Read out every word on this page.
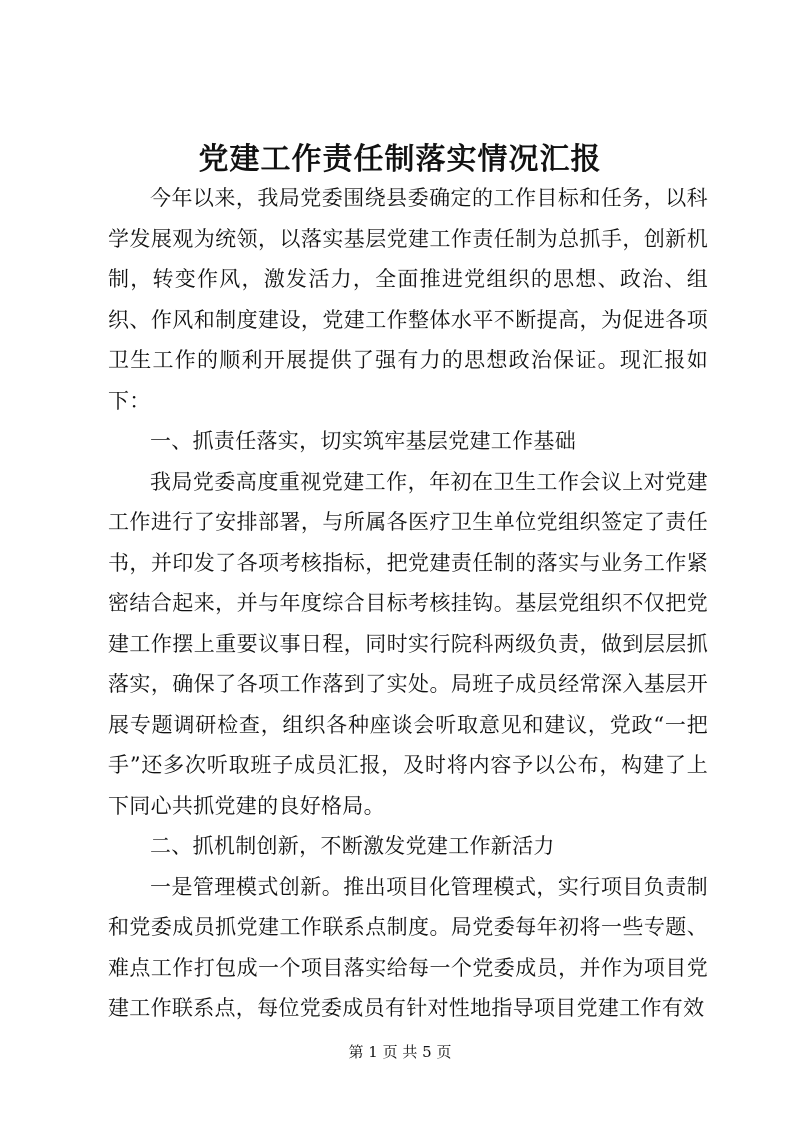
党建工作责任制落实情况汇报

今年以来，我局党委围绕县委确定的工作目标和任务，以科学发展观为统领，以落实基层党建工作责任制为总抓手，创新机制，转变作风，激发活力，全面推进党组织的思想、政治、组织、作风和制度建设，党建工作整体水平不断提高，为促进各项卫生工作的顺利开展提供了强有力的思想政治保证。现汇报如下：

一、抓责任落实，切实筑牢基层党建工作基础

我局党委高度重视党建工作，年初在卫生工作会议上对党建工作进行了安排部署，与所属各医疗卫生单位党组织签定了责任书，并印发了各项考核指标，把党建责任制的落实与业务工作紧密结合起来，并与年度综合目标考核挂钩。基层党组织不仅把党建工作摆上重要议事日程，同时实行院科两级负责，做到层层抓落实，确保了各项工作落到了实处。局班子成员经常深入基层开展专题调研检查，组织各种座谈会听取意见和建议，党政“一把手”还多次听取班子成员汇报，及时将内容予以公布，构建了上下同心共抓党建的良好格局。

二、抓机制创新，不断激发党建工作新活力

一是管理模式创新。推出项目化管理模式，实行项目负责制和党委成员抓党建工作联系点制度。局党委每年初将一些专题、难点工作打包成一个项目落实给每一个党委成员，并作为项目党建工作联系点，每位党委成员有针对性地指导项目党建工作有效

第 1 页 共 5 页
